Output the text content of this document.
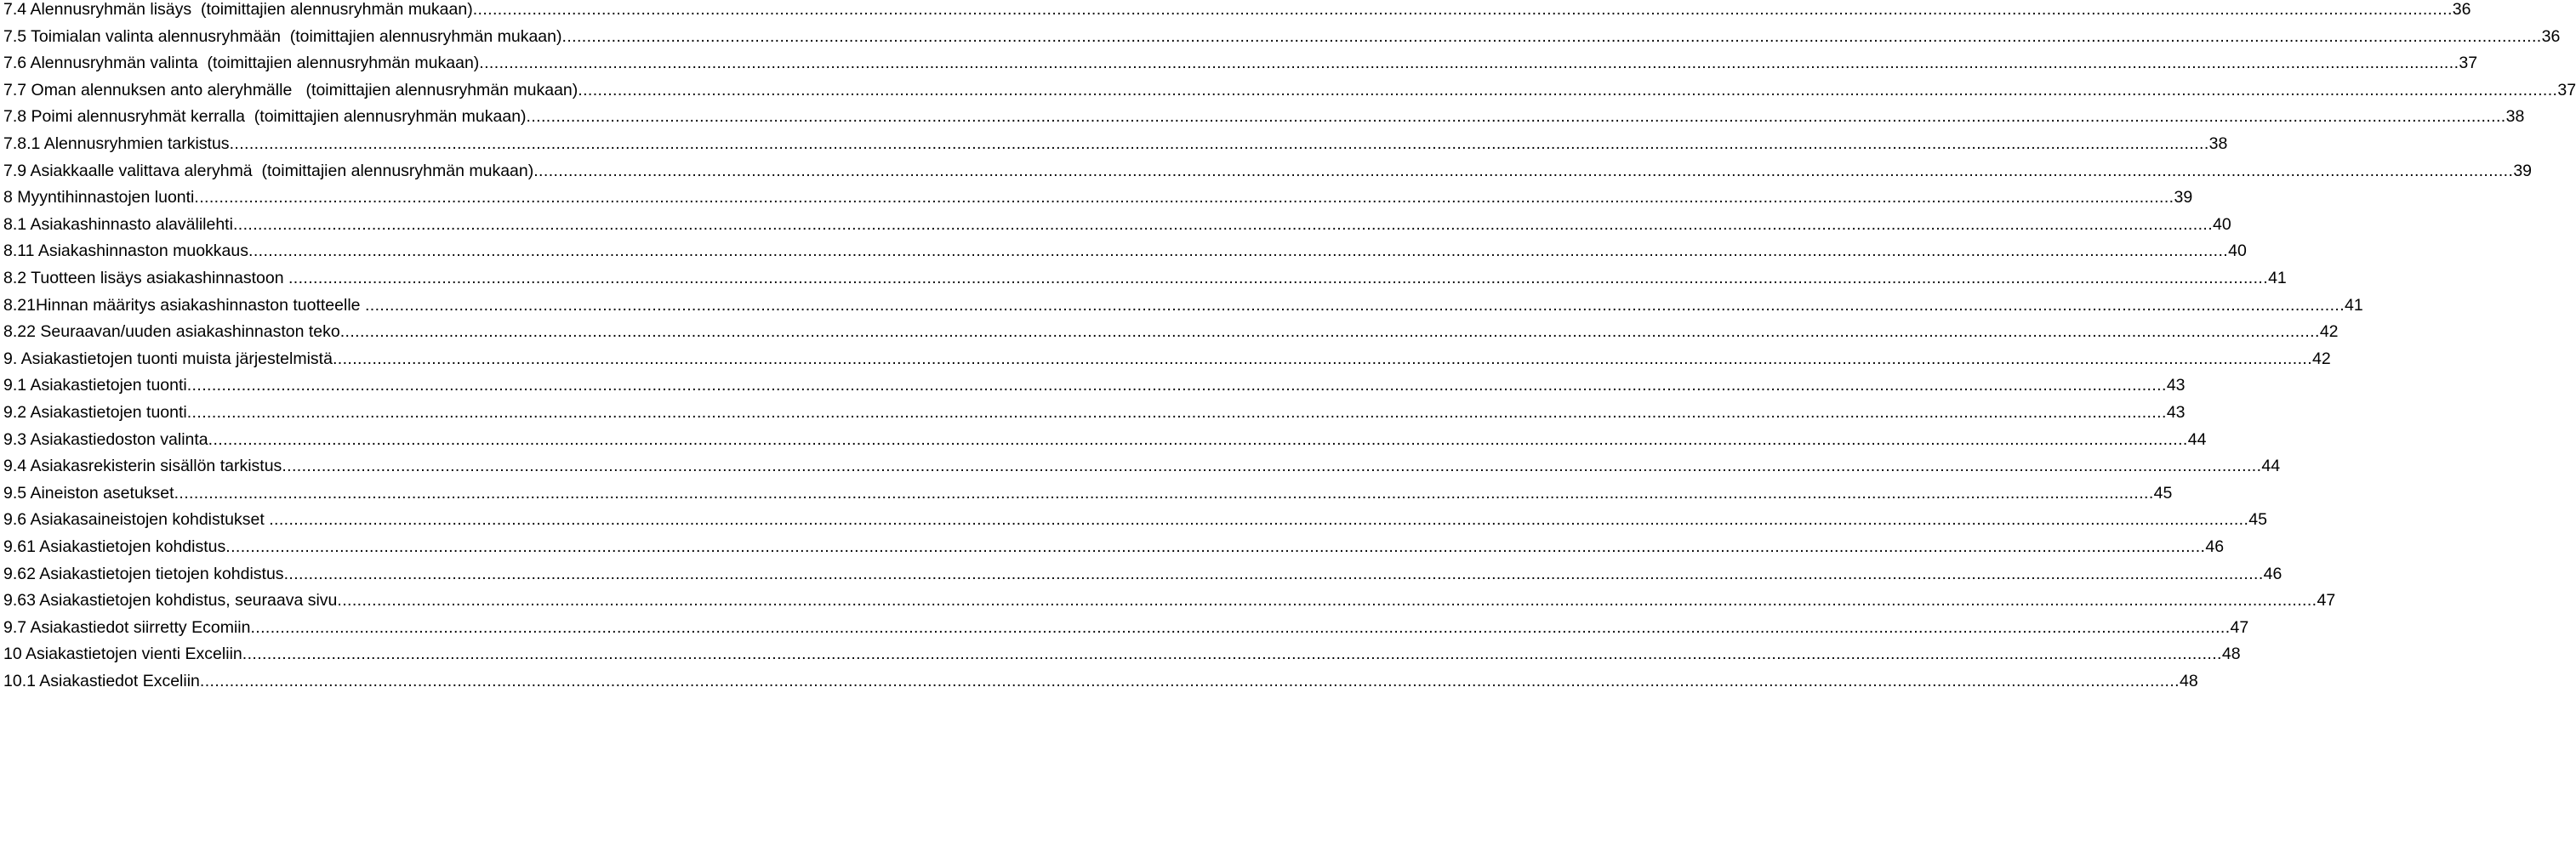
7.4 Alennusryhmän lisäys  (toimittajien alennusryhmän mukaan) ................................................................................................................................................................................................................................................................................................................................................................................................................ 36
7.5 Toimialan valinta alennusryhmään  (toimittajien alennusryhmän mukaan) ................................................................................................................................................................................................................................................................................................................................................................................................................ 36
7.6 Alennusryhmän valinta  (toimittajien alennusryhmän mukaan) ................................................................................................................................................................................................................................................................................................................................................................................................................ 37
7.7 Oman alennuksen anto aleryhmälle   (toimittajien alennusryhmän mukaan) ................................................................................................................................................................................................................................................................................................................................................................................................................ 37
7.8 Poimi alennusryhmät kerralla  (toimittajien alennusryhmän mukaan) ................................................................................................................................................................................................................................................................................................................................................................................................................ 38
7.8.1 Alennusryhmien tarkistus ................................................................................................................................................................................................................................................................................................................................................................................................................ 38
7.9 Asiakkaalle valittava aleryhmä  (toimittajien alennusryhmän mukaan) ................................................................................................................................................................................................................................................................................................................................................................................................................ 39
8 Myyntihinnastojen luonti ................................................................................................................................................................................................................................................................................................................................................................................................................ 39
8.1 Asiakashinnasto alavälilehti ................................................................................................................................................................................................................................................................................................................................................................................................................ 40
8.11 Asiakashinnaston muokkaus ................................................................................................................................................................................................................................................................................................................................................................................................................ 40
8.2 Tuotteen lisäys asiakashinnastoon ................................................................................................................................................................................................................................................................................................................................................................................................................ 41
8.21Hinnan määritys asiakashinnaston tuotteelle ................................................................................................................................................................................................................................................................................................................................................................................................................ 41
8.22 Seuraavan/uuden asiakashinnaston teko ................................................................................................................................................................................................................................................................................................................................................................................................................ 42
9. Asiakastietojen tuonti muista järjestelmistä ................................................................................................................................................................................................................................................................................................................................................................................................................ 42
9.1 Asiakastietojen tuonti ................................................................................................................................................................................................................................................................................................................................................................................................................ 43
9.2 Asiakastietojen tuonti ................................................................................................................................................................................................................................................................................................................................................................................................................ 43
9.3 Asiakastiedoston valinta ................................................................................................................................................................................................................................................................................................................................................................................................................ 44
9.4 Asiakasrekisterin sisällön tarkistus ................................................................................................................................................................................................................................................................................................................................................................................................................ 44
9.5 Aineiston asetukset ................................................................................................................................................................................................................................................................................................................................................................................................................ 45
9.6 Asiakasaineistojen kohdistukset ................................................................................................................................................................................................................................................................................................................................................................................................................ 45
9.61 Asiakastietojen kohdistus ................................................................................................................................................................................................................................................................................................................................................................................................................ 46
9.62 Asiakastietojen tietojen kohdistus ................................................................................................................................................................................................................................................................................................................................................................................................................ 46
9.63 Asiakastietojen kohdistus, seuraava sivu ................................................................................................................................................................................................................................................................................................................................................................................................................ 47
9.7 Asiakastiedot siirretty Ecomiin ................................................................................................................................................................................................................................................................................................................................................................................................................ 47
10 Asiakastietojen vienti Exceliin ................................................................................................................................................................................................................................................................................................................................................................................................................ 48
10.1 Asiakastiedot Exceliin ................................................................................................................................................................................................................................................................................................................................................................................................................ 48
